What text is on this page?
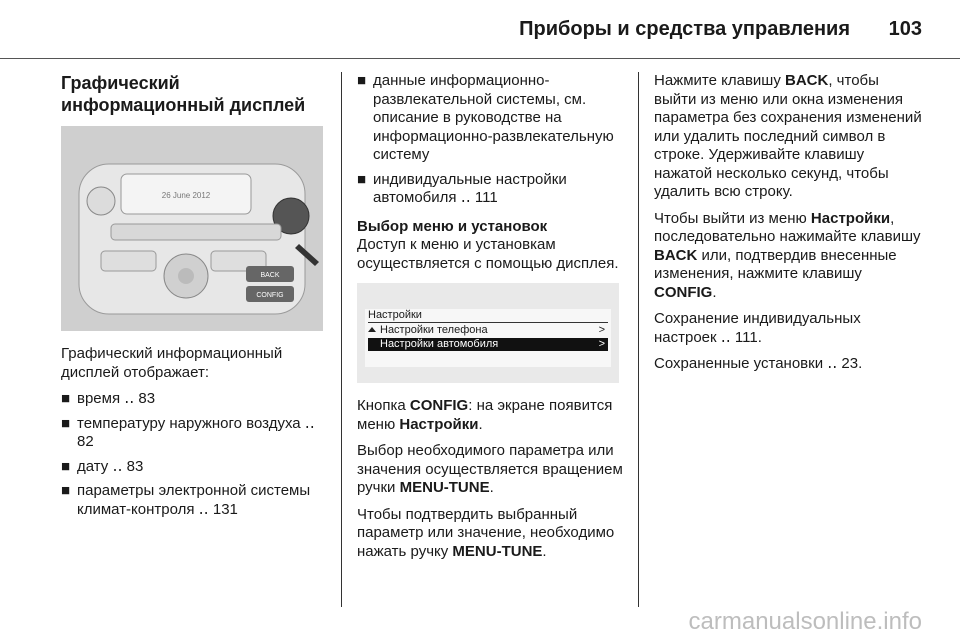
Приборы и средства управления 103
Графический
информационный дисплей
26 June 2012
BACK
CONFIG

Графический информационный дисплей отображает:

■ время ‥ 83
■ температуру наружного воздуха ‥ 82
■ дату ‥ 83
■ параметры электронной системы климат-контроля ‥ 131
■ данные информационно-развлекательной системы, см. описание в руководстве на информационно-развлекательную систему
■ индивидуальные настройки автомобиля ‥ 111
Выбор меню и установок

Доступ к меню и установкам осуществляется с помощью дисплея.

Настройки
Настройки телефона	>
Настройки автомобиля	>

Кнопка CONFIG: на экране появится меню Настройки.

Выбор необходимого параметра или значения осуществляется вращением ручки MENU-TUNE.

Чтобы подтвердить выбранный параметр или значение, необходимо нажать ручку MENU-TUNE.

Нажмите клавишу BACK, чтобы выйти из меню или окна изменения параметра без сохранения изменений или удалить последний символ в строке. Удерживайте клавишу нажатой несколько секунд, чтобы удалить всю строку.

Чтобы выйти из меню Настройки, последовательно нажимайте клавишу BACK или, подтвердив внесенные изменения, нажмите клавишу CONFIG.

Сохранение индивидуальных настроек ‥ 111.

Сохраненные установки ‥ 23.

carmanualsonline.info
